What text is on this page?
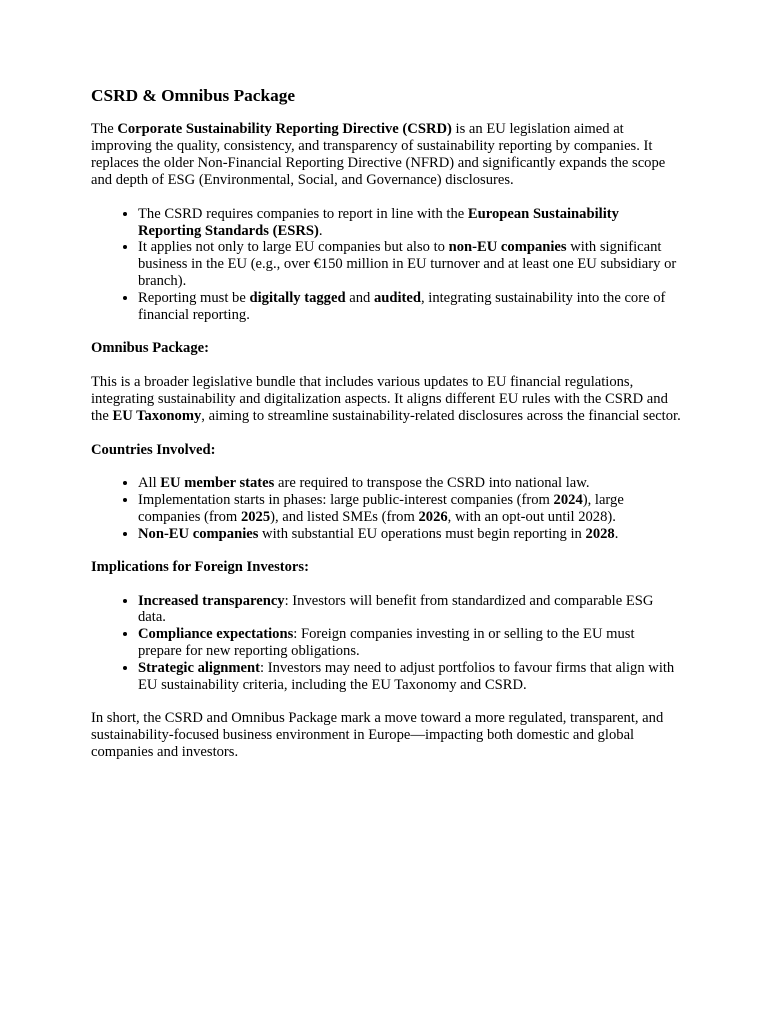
CSRD & Omnibus Package

The Corporate Sustainability Reporting Directive (CSRD) is an EU legislation aimed at improving the quality, consistency, and transparency of sustainability reporting by companies. It replaces the older Non-Financial Reporting Directive (NFRD) and significantly expands the scope and depth of ESG (Environmental, Social, and Governance) disclosures.

• The CSRD requires companies to report in line with the European Sustainability Reporting Standards (ESRS).
• It applies not only to large EU companies but also to non-EU companies with significant business in the EU (e.g., over €150 million in EU turnover and at least one EU subsidiary or branch).
• Reporting must be digitally tagged and audited, integrating sustainability into the core of financial reporting.
Omnibus Package:

This is a broader legislative bundle that includes various updates to EU financial regulations, integrating sustainability and digitalization aspects. It aligns different EU rules with the CSRD and the EU Taxonomy, aiming to streamline sustainability-related disclosures across the financial sector.

Countries Involved:
• All EU member states are required to transpose the CSRD into national law.
• Implementation starts in phases: large public-interest companies (from 2024), large companies (from 2025), and listed SMEs (from 2026, with an opt-out until 2028).
• Non-EU companies with substantial EU operations must begin reporting in 2028.
Implications for Foreign Investors:
• Increased transparency: Investors will benefit from standardized and comparable ESG data.
• Compliance expectations: Foreign companies investing in or selling to the EU must prepare for new reporting obligations.
• Strategic alignment: Investors may need to adjust portfolios to favour firms that align with EU sustainability criteria, including the EU Taxonomy and CSRD.

In short, the CSRD and Omnibus Package mark a move toward a more regulated, transparent, and sustainability-focused business environment in Europe—impacting both domestic and global companies and investors.
